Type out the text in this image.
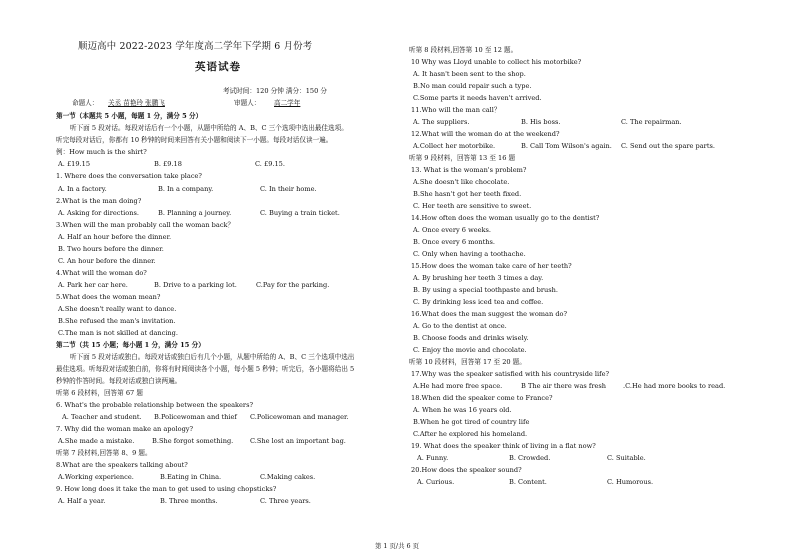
顺迈高中 2022-2023 学年度高二学年下学期 6 月份考
英语试卷
考试时间：120 分钟 满分：150 分
命题人： 关丞 苗艳玲 张鹏飞	审题人： 高二学年
第一节（本题共 5 小题，每题 1 分，满分 5 分）
听下面 5 段对话。每段对话后有一个小题，从题中所给的 A、B、C 三个选项中选出最佳选项。
听完每段对话后，你都有 10 秒钟的时间来回答有关小题和阅读下一小题。每段对话仅读一遍。
例：How much is the shirt?
A. £19.15	B. £9.18	C. £9.15.
1. Where does the conversation take place?
A. In a factory.	B. In a company.	C. In their home.
2.What is the man doing?
A. Asking for directions.	B. Planning a journey.	C. Buying a train ticket.
3.When will the man probably call the woman back？
A. Half an hour before the dinner.
B. Two hours before the dinner.
C. An hour before the dinner.
4.What will the woman do?
A. Park her car here.	B. Drive to a parking lot.	C.Pay for the parking.
5.What does the woman mean?
A.She doesn't really want to dance.
B.She refused the man's invitation.
C.The man is not skilled at dancing.
第二节（共 15 小题；每小题 1 分，满分 15 分）
听下面 5 段对话或独白。每段对话或独白后有几个小题，从题中所给的 A、B、C 三个选项中选出
最佳选项。听每段对话或独白前，你将有时间阅读各个小题，每小题 5 秒钟；听完后，各小题将给出 5
秒钟的作答时间。每段对话或独白读两遍。
听第 6 段材料，回答第 67 题
6. What's the probable relationship between the speakers?
A. Teacher and student. B.Policewoman and thief C.Policewoman and manager.
7. Why did the woman make an apology?
A.She made a mistake.	B.She forgot something.	C.She lost an important bag.
听第 7 段材料,回答第 8、9 题。
8.What are the speakers talking about?
A.Working experience.	B.Eating in China.	C.Making cakes.
9. How long does it take the man to get used to using chopsticks?
A. Half a year.	B. Three months.	C. Three years.
听第 8 段材料,回答第 10 至 12 题。
10 Why was Lloyd unable to collect his motorbike?
A. It hasn't been sent to the shop.
B.No man could repair such a type.
C.Some parts it needs haven't arrived.
11.Who will the man call？
A. The suppliers.	B. His boss.	C. The repairman.
12.What will the woman do at the weekend?
A.Collect her motorbike.	B. Call Tom Wilson's again. C. Send out the spare parts.
听第 9 段材料，回答第 13 至 16 题
13. What is the woman's problem?
A.She doesn't like chocolate.
B.She hasn't got her teeth fixed.
C. Her teeth are sensitive to sweet.
14.How often does the woman usually go to the dentist?
A. Once every 6 weeks.
B. Once every 6 months.
C. Only when having a toothache.
15.How does the woman take care of her teeth?
A. By brushing her teeth 3 times a day.
B. By using a special toothpaste and brush.
C. By drinking less iced tea and coffee.
16.What does the man suggest the woman do?
A. Go to the dentist at once.
B. Choose foods and drinks wisely.
C. Enjoy the movie and chocolate.
听第 10 段材料，回答第 17 至 20 题。
17.Why was the speaker satisfied with his countryside life?
A.He had more free space.	B The air there was fresh	.C.He had more books to read.
18.When did the speaker come to France?
A. When he was 16 years old.
B.When he got tired of country life
C.After he explored his homeland.
19. What does the speaker think of living in a flat now?
A. Funny.	B. Crowded.	C. Suitable.
20.How does the speaker sound?
A. Curious.	B. Content.	C. Humorous.
第 1 页/共 6 页
